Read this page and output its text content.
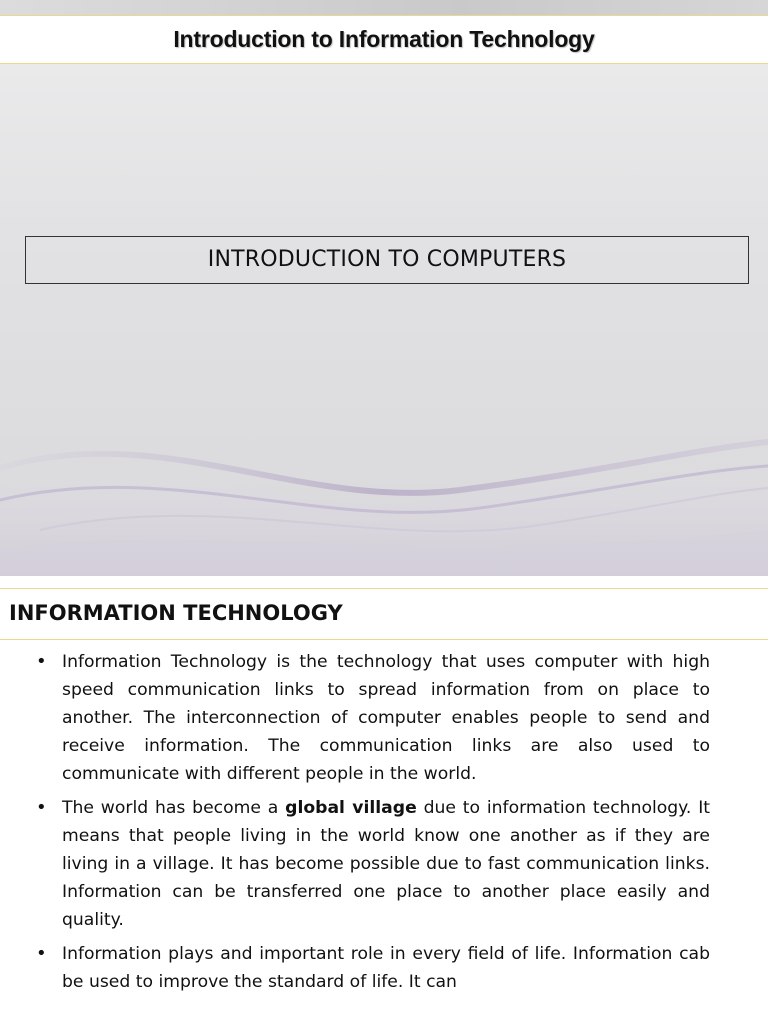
Introduction to Information Technology
INTRODUCTION TO COMPUTERS
INFORMATION TECHNOLOGY
• Information Technology is the technology that uses computer with high speed communication links to spread information from on place to another. The interconnection of computer enables people to send and receive information. The communication links are also used to communicate with different people in the world.
• The world has become a global village due to information technology. It means that people living in the world know one another as if they are living in a village. It has become possible due to fast communication links. Information can be transferred one place to another place easily and quality.
• Information plays and important role in every field of life. Information cab be used to improve the standard of life. It can
